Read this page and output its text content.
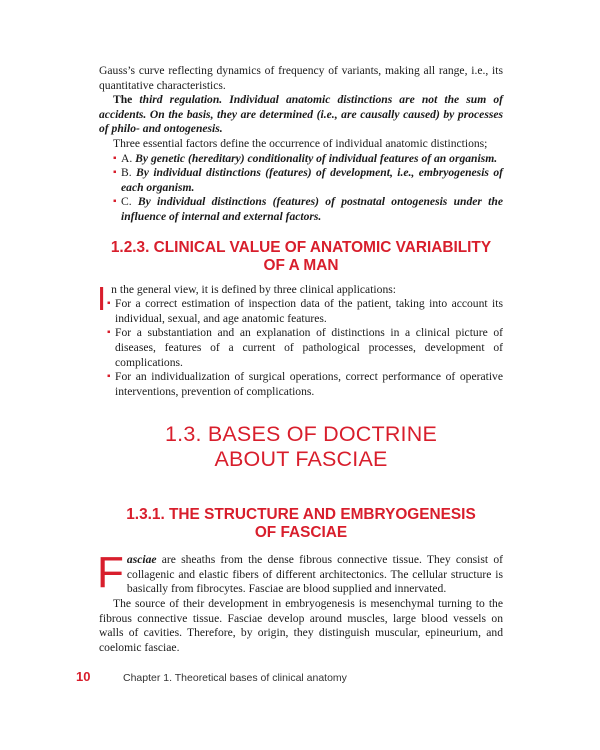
Gauss’s curve reflecting dynamics of frequency of variants, making all range, i.e., its quantitative characteristics.

The third regulation. Individual anatomic distinctions are not the sum of accidents. On the basis, they are determined (i.e., are causally caused) by processes of philo- and ontogenesis.

Three essential factors define the occurrence of individual anatomic distinctions;

▪ A. By genetic (hereditary) conditionality of individual features of an organism.
▪ B. By individual distinctions (features) of development, i.e., embryogenesis of each organism.
▪ C. By individual distinctions (features) of postnatal ontogenesis under the influence of internal and external factors.
1.2.3. CLINICAL VALUE OF ANATOMIC VARIABILITY
OF A MAN
I n the general view, it is defined by three clinical applications:

▪ For a correct estimation of inspection data of the patient, taking into account its individual, sexual, and age anatomic features.
▪ For a substantiation and an explanation of distinctions in a clinical picture of diseases, features of a current of pathological processes, development of complications.
▪ For an individualization of surgical operations, correct performance of operative interventions, prevention of complications.
1.3. BASES OF DOCTRINE
ABOUT FASCIAE
1.3.1. THE STRUCTURE AND EMBRYOGENESIS
OF FASCIAE
F asciae are sheaths from the dense fibrous connective tissue. They consist of collagenic and elastic fibers of different architectonics. The cellular structure is basically from fibrocytes. Fasciae are blood supplied and innervated.

The source of their development in embryogenesis is mesenchymal turning to the fibrous connective tissue. Fasciae develop around muscles, large blood vessels on walls of cavities. Therefore, by origin, they distinguish muscular, epineurium, and coelomic fasciae.

10	Chapter 1. Theoretical bases of clinical anatomy
